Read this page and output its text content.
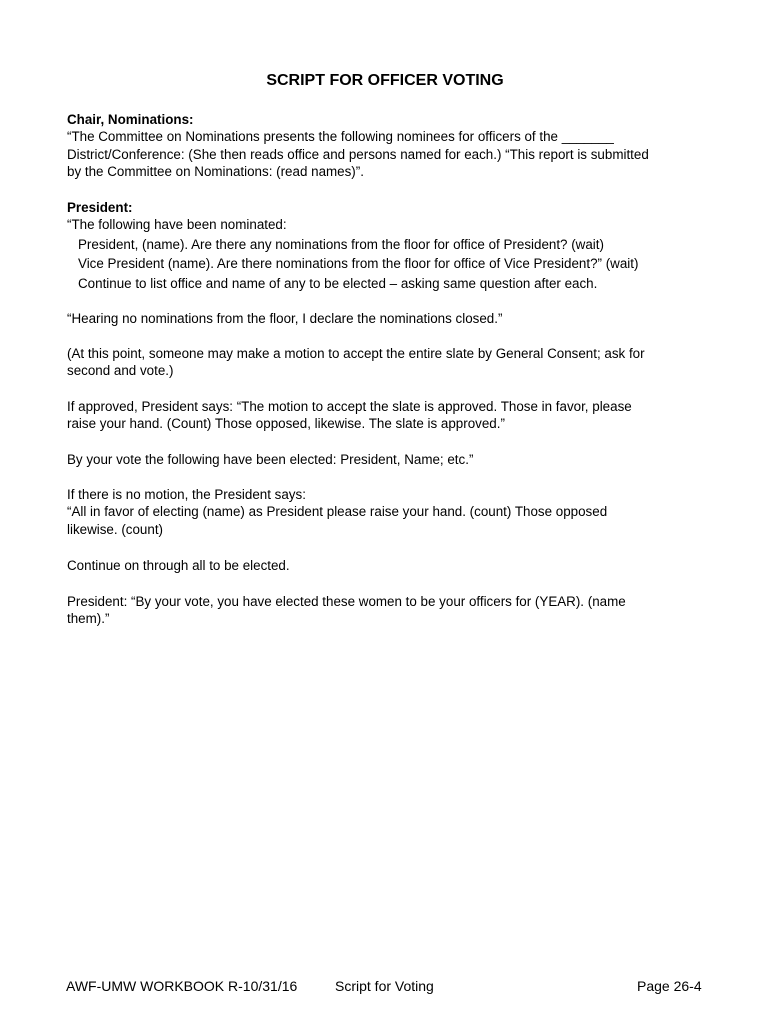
SCRIPT FOR OFFICER VOTING

Chair, Nominations:

“The Committee on Nominations presents the following nominees for officers of the _______

District/Conference: (She then reads office and persons named for each.) “This report is submitted

by the Committee on Nominations: (read names)”.

President:

“The following have been nominated:

President, (name). Are there any nominations from the floor for office of President? (wait)

Vice President (name). Are there nominations from the floor for office of Vice President?” (wait)

Continue to list office and name of any to be elected – asking same question after each.

“Hearing no nominations from the floor, I declare the nominations closed.”

(At this point, someone may make a motion to accept the entire slate by General Consent; ask for

second and vote.)

If approved, President says: “The motion to accept the slate is approved. Those in favor, please

raise your hand. (Count) Those opposed, likewise. The slate is approved.”

By your vote the following have been elected: President, Name; etc.”

If there is no motion, the President says:

“All in favor of electing (name) as President please raise your hand. (count) Those opposed

likewise. (count)

Continue on through all to be elected.

President: “By your vote, you have elected these women to be your officers for (YEAR). (name

them).”

AWF-UMW WORKBOOK R-10/31/16	Script for Voting	Page 26-4
